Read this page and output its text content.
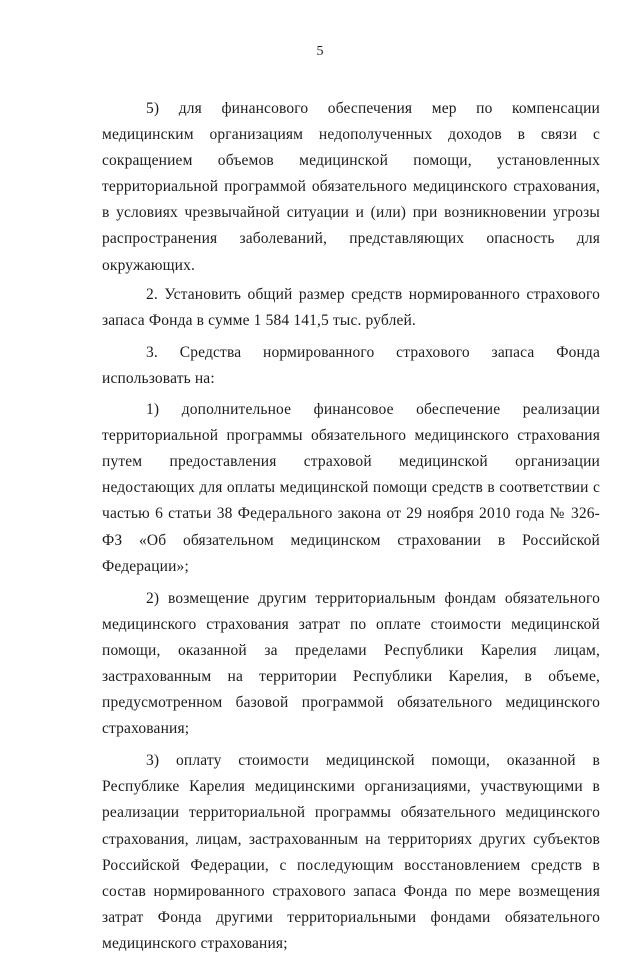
5

5) для финансового обеспечения мер по компенсации медицинским организациям недополученных доходов в связи с сокращением объемов медицинской помощи, установленных территориальной программой обязательного медицинского страхования, в условиях чрезвычайной ситуации и (или) при возникновении угрозы распространения заболеваний, представляющих опасность для окружающих.

2. Установить общий размер средств нормированного страхового запаса Фонда в сумме 1 584 141,5 тыс. рублей.

3. Средства нормированного страхового запаса Фонда использовать на:

1) дополнительное финансовое обеспечение реализации территориальной программы обязательного медицинского страхования путем предоставления страховой медицинской организации недостающих для оплаты медицинской помощи средств в соответствии с частью 6 статьи 38 Федерального закона от 29 ноября 2010 года № 326-ФЗ «Об обязательном медицинском страховании в Российской Федерации»;

2) возмещение другим территориальным фондам обязательного медицинского страхования затрат по оплате стоимости медицинской помощи, оказанной за пределами Республики Карелия лицам, застрахованным на территории Республики Карелия, в объеме, предусмотренном базовой программой обязательного медицинского страхования;

3) оплату стоимости медицинской помощи, оказанной в Республике Карелия медицинскими организациями, участвующими в реализации территориальной программы обязательного медицинского страхования, лицам, застрахованным на территориях других субъектов Российской Федерации, с последующим восстановлением средств в состав нормированного страхового запаса Фонда по мере возмещения затрат Фонда другими территориальными фондами обязательного медицинского страхования;
